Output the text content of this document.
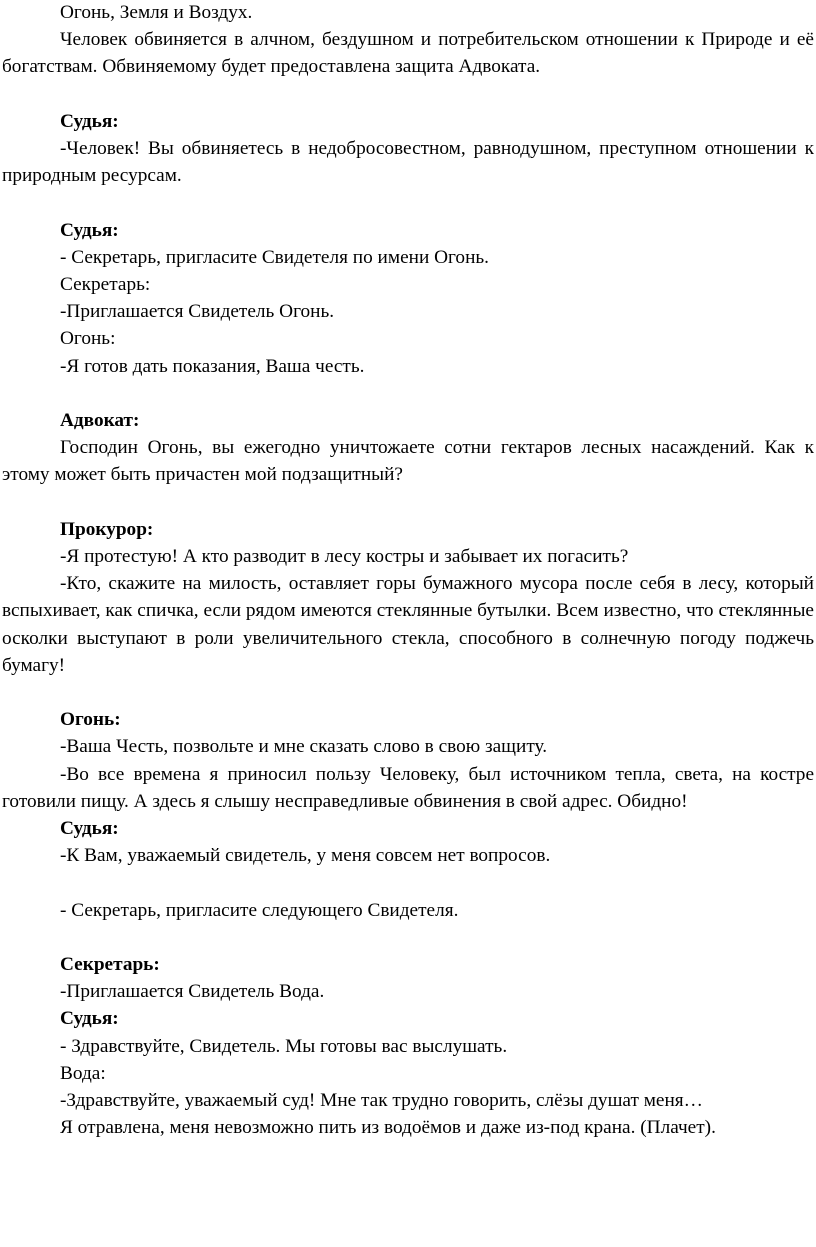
Огонь, Земля и Воздух.

Человек обвиняется в алчном, бездушном и потребительском отношении к Природе и её богатствам. Обвиняемому будет предоставлена защита Адвоката.

Судья:

-Человек! Вы обвиняетесь в недобросовестном, равнодушном, преступном отношении к природным ресурсам.

Судья:

- Секретарь, пригласите Свидетеля по имени Огонь.

Секретарь:

-Приглашается Свидетель Огонь.

Огонь:

-Я готов дать показания, Ваша честь.

Адвокат:

Господин Огонь, вы ежегодно уничтожаете сотни гектаров лесных насаждений. Как к этому может быть причастен мой подзащитный?

Прокурор:

-Я протестую! А кто разводит в лесу костры и забывает их погасить?

-Кто, скажите на милость, оставляет горы бумажного мусора после себя в лесу, который вспыхивает, как спичка, если рядом имеются стеклянные бутылки. Всем известно, что стеклянные осколки выступают в роли увеличительного стекла, способного в солнечную погоду поджечь бумагу!

Огонь:

-Ваша Честь, позвольте и мне сказать слово в свою защиту.

-Во все времена я приносил пользу Человеку, был источником тепла, света, на костре готовили пищу. А здесь я слышу несправедливые обвинения в свой адрес. Обидно!

Судья:

-К Вам, уважаемый свидетель, у меня совсем нет вопросов.

- Секретарь, пригласите следующего Свидетеля.

Секретарь:

-Приглашается Свидетель Вода.

Судья:

- Здравствуйте, Свидетель. Мы готовы вас выслушать.

Вода:

-Здравствуйте, уважаемый суд! Мне так трудно говорить, слёзы душат меня…

Я отравлена, меня невозможно пить из водоёмов и даже из-под крана. (Плачет).
